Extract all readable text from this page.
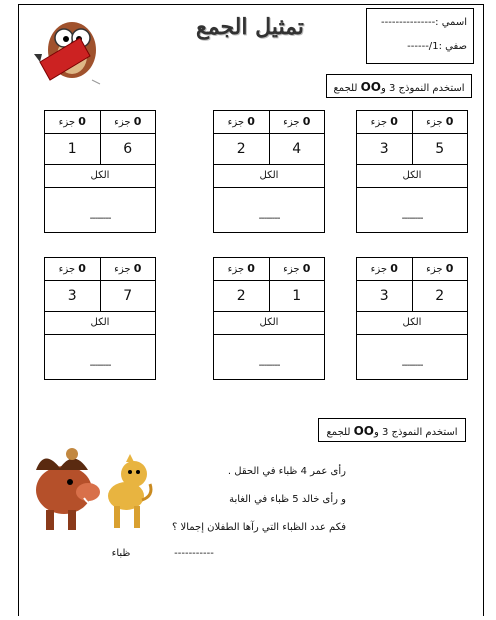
تمثيل الجمع	اسمي :---------------
صفي :1/------
استخدم النموذج 3 وOO للجمع
0 جزء	0 جزء
3	5
الكل
--------
0 جزء	0 جزء
2	4
الكل
--------
0 جزء	0 جزء
1	6
الكل
--------
0 جزء	0 جزء
3	2
الكل
--------
0 جزء	0 جزء
2	1
الكل
--------
0 جزء	0 جزء
3	7
الكل
--------
استخدم النموذج 3 وOO للجمع
رأى عمر 4 ظباء في الحقل .
و رأى خالد 5 ظباء في الغابة
فكم عدد الظباء التي رآها الطفلان إجمالا ؟
ظباء	-----------
